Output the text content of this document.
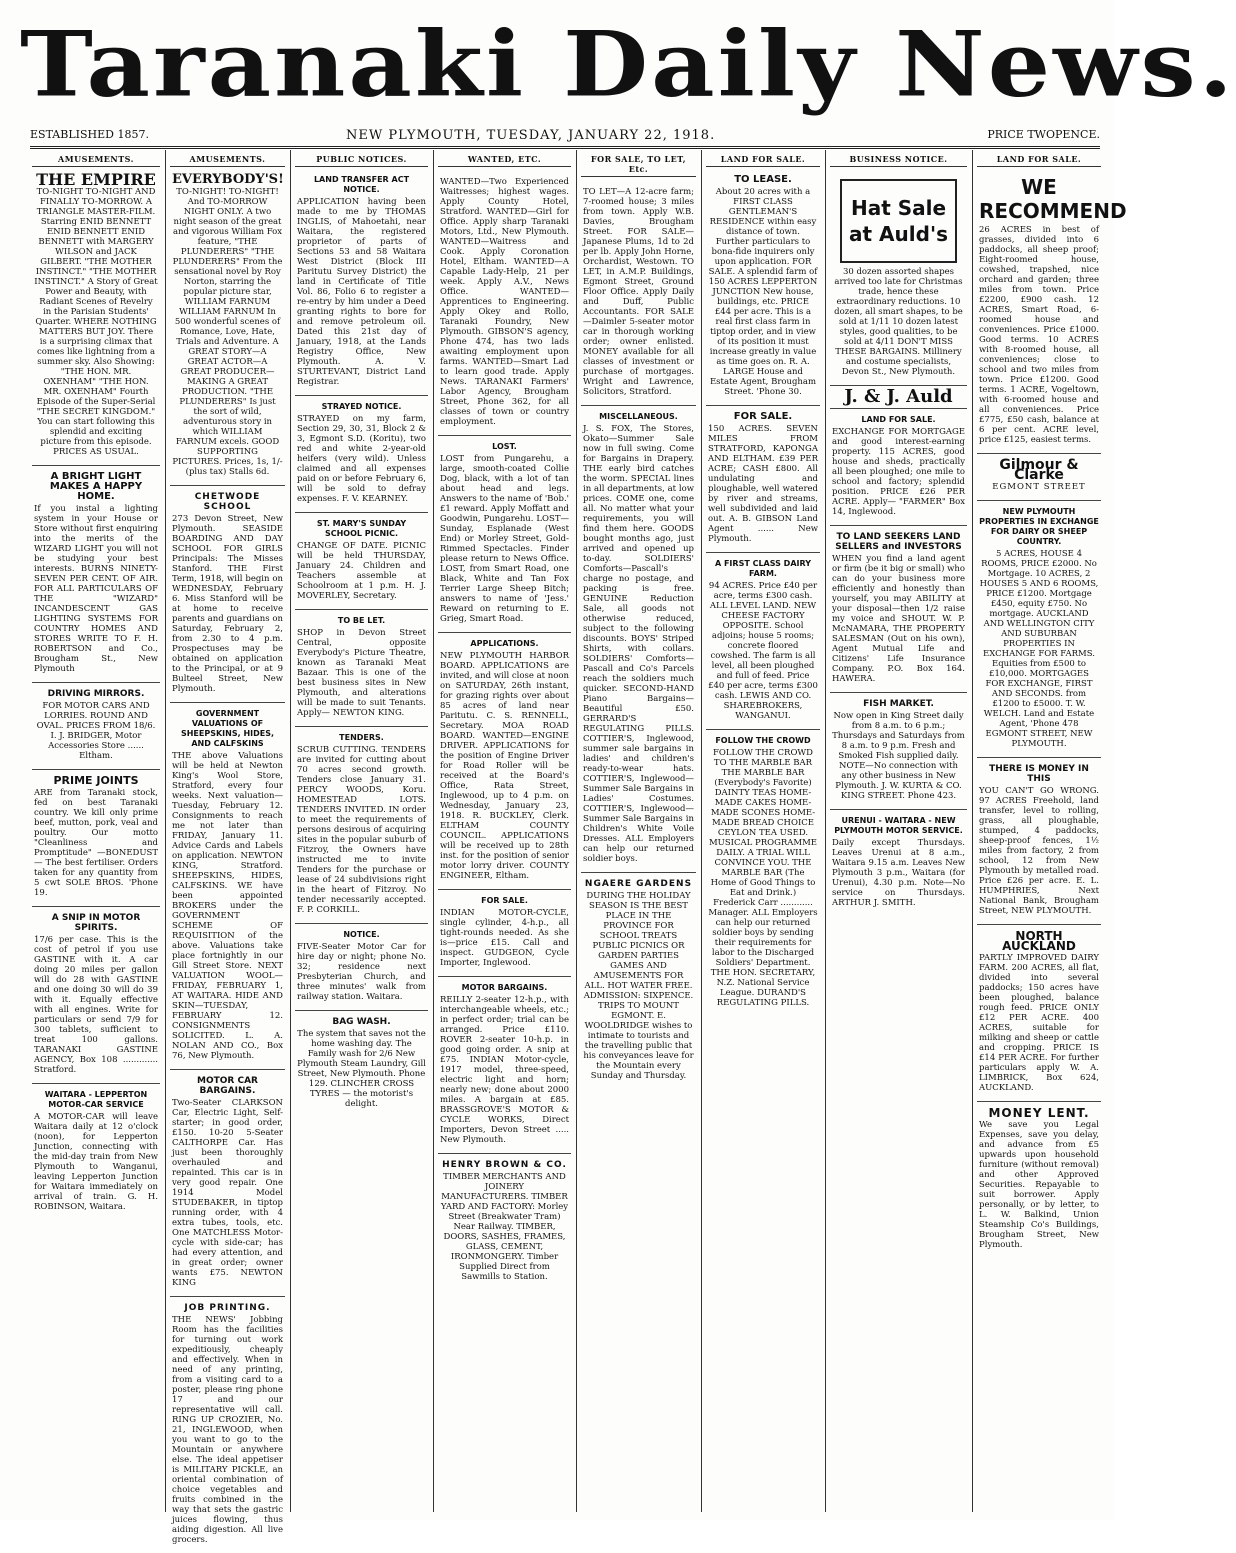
Taranaki Daily News.
ESTABLISHED 1857.	NEW PLYMOUTH, TUESDAY, JANUARY 22, 1918.	PRICE TWOPENCE.
AMUSEMENTS.
THE EMPIRE
TO-NIGHT TO-NIGHT AND FINALLY TO-MORROW. A TRIANGLE MASTER-FILM. Starring ENID BENNETT ENID BENNETT ENID BENNETT with MARGERY WILSON and JACK GILBERT. "THE MOTHER INSTINCT." "THE MOTHER INSTINCT." A Story of Great Power and Beauty, with Radiant Scenes of Revelry in the Parisian Students' Quarter. WHERE NOTHING MATTERS BUT JOY. There is a surprising climax that comes like lightning from a summer sky. Also Showing: "THE HON. MR. OXENHAM" "THE HON. MR. OXENHAM" Fourth Episode of the Super-Serial "THE SECRET KINGDOM." You can start following this splendid and exciting picture from this episode. PRICES AS USUAL.
A BRIGHT LIGHT MAKES A HAPPY HOME.
If you instal a lighting system in your House or Store without first enquiring into the merits of the WIZARD LIGHT you will not be studying your best interests. BURNS NINETY-SEVEN PER CENT. OF AIR. FOR ALL PARTICULARS OF THE "WIZARD" INCANDESCENT GAS LIGHTING SYSTEMS FOR COUNTRY HOMES AND STORES WRITE TO F. H. ROBERTSON and Co., Brougham St., New Plymouth
DRIVING MIRRORS.
FOR MOTOR CARS AND LORRIES. ROUND AND OVAL. PRICES FROM 18/6. I. J. BRIDGER, Motor Accessories Store ...... Eltham.
PRIME JOINTS
ARE from Taranaki stock, fed on best Taranaki country. We kill only prime beef, mutton, pork, veal and poultry. Our motto "Cleanliness and Promptitude" —BONEDUST— The best fertiliser. Orders taken for any quantity from 5 cwt SOLE BROS. 'Phone 19.
A SNIP IN MOTOR SPIRITS.
17/6 per case. This is the cost of petrol if you use GASTINE with it. A car doing 20 miles per gallon will do 28 with GASTINE and one doing 30 will do 39 with it. Equally effective with all engines. Write for particulars or send 7/9 for 300 tablets, sufficient to treat 100 gallons. TARANAKI GASTINE AGENCY, Box 108 ............. Stratford.
WAITARA - LEPPERTON MOTOR-CAR SERVICE
A MOTOR-CAR will leave Waitara daily at 12 o'clock (noon), for Lepperton Junction, connecting with the mid-day train from New Plymouth to Wanganui, leaving Lepperton Junction for Waitara immediately on arrival of train. G. H. ROBINSON, Waitara.
AMUSEMENTS.
EVERYBODY'S!
TO-NIGHT! TO-NIGHT! And TO-MORROW NIGHT ONLY. A two night season of the great and vigorous William Fox feature, "THE PLUNDERERS" "THE PLUNDERERS" From the sensational novel by Roy Norton, starring the popular picture star, WILLIAM FARNUM WILLIAM FARNUM In 500 wonderful scenes of Romance, Love, Hate, Trials and Adventure. A GREAT STORY—A GREAT ACTOR—A GREAT PRODUCER—MAKING A GREAT PRODUCTION. "THE PLUNDERERS" Is just the sort of wild, adventurous story in which WILLIAM FARNUM excels. GOOD SUPPORTING PICTURES. Prices, 1s, 1/- (plus tax) Stalls 6d.
CHETWODE SCHOOL
273 Devon Street, New Plymouth. SEASIDE BOARDING AND DAY SCHOOL FOR GIRLS Principals: The Misses Stanford. THE First Term, 1918, will begin on WEDNESDAY, February 6. Miss Stanford will be at home to receive parents and guardians on Saturday, February 2, from 2.30 to 4 p.m. Prospectuses may be obtained on application to the Principal, or at 9 Bulteel Street, New Plymouth.
GOVERNMENT VALUATIONS OF SHEEPSKINS, HIDES, AND CALFSKINS
THE above Valuations will be held at Newton King's Wool Store, Stratford, every four weeks. Next valuation—Tuesday, February 12. Consignments to reach me not later than FRIDAY, January 11. Advice Cards and Labels on application. NEWTON KING, Stratford. SHEEPSKINS, HIDES, CALFSKINS. WE have been appointed BROKERS under the GOVERNMENT SCHEME OF REQUISITION of the above. Valuations take place fortnightly in our Gill Street Store. NEXT VALUATION WOOL—FRIDAY, FEBRUARY 1, AT WAITARA. HIDE AND SKIN—TUESDAY, FEBRUARY 12. CONSIGNMENTS SOLICITED. L. A. NOLAN AND CO., Box 76, New Plymouth.
MOTOR CAR BARGAINS.
Two-Seater CLARKSON Car, Electric Light, Self-starter; in good order, £150. 10-20 5-Seater CALTHORPE Car. Has just been thoroughly overhauled and repainted. This car is in very good repair. One 1914 Model STUDEBAKER, in tiptop running order, with 4 extra tubes, tools, etc. One MATCHLESS Motor-cycle with side-car; has had every attention, and in great order; owner wants £75. NEWTON KING
JOB PRINTING.
THE NEWS' Jobbing Room has the facilities for turning out work expeditiously, cheaply and effectively. When in need of any printing, from a visiting card to a poster, please ring phone 17 and our representative will call. RING UP CROZIER, No. 21, INGLEWOOD, when you want to go to the Mountain or anywhere else. The ideal appetiser is MILITARY PICKLE, an oriental combination of choice vegetables and fruits combined in the way that sets the gastric juices flowing, thus aiding digestion. All live grocers.
PUBLIC NOTICES.
LAND TRANSFER ACT NOTICE.
APPLICATION having been made to me by THOMAS INGLIS, of Mahoetahi, near Waitara, the registered proprietor of parts of Sections 53 and 58 Waitara West District (Block III Paritutu Survey District) the land in Certificate of Title Vol. 86, Folio 6 to register a re-entry by him under a Deed granting rights to bore for and remove petroleum oil. Dated this 21st day of January, 1918, at the Lands Registry Office, New Plymouth. A. V. STURTEVANT, District Land Registrar.
STRAYED NOTICE.
STRAYED on my farm, Section 29, 30, 31, Block 2 & 3, Egmont S.D. (Koritu), two red and white 2-year-old heifers (very wild). Unless claimed and all expenses paid on or before February 6, will be sold to defray expenses. F. V. KEARNEY.
ST. MARY'S SUNDAY SCHOOL PICNIC.
CHANGE OF DATE. PICNIC will be held THURSDAY, January 24. Children and Teachers assemble at Schoolroom at 1 p.m. H. J. MOVERLEY, Secretary.
TO BE LET.
SHOP in Devon Street Central, opposite Everybody's Picture Theatre, known as Taranaki Meat Bazaar. This is one of the best business sites in New Plymouth, and alterations will be made to suit Tenants. Apply— NEWTON KING.
TENDERS.
SCRUB CUTTING. TENDERS are invited for cutting about 70 acres second growth. Tenders close January 31. PERCY WOODS, Koru. HOMESTEAD LOTS. TENDERS INVITED. IN order to meet the requirements of persons desirous of acquiring sites in the popular suburb of Fitzroy, the Owners have instructed me to invite Tenders for the purchase or lease of 24 subdivisions right in the heart of Fitzroy. No tender necessarily accepted. F. P. CORKILL.
NOTICE.
FIVE-Seater Motor Car for hire day or night; phone No. 32; residence next Presbyterian Church, and three minutes' walk from railway station. Waitara.
BAG WASH.
The system that saves not the home washing day. The Family wash for 2/6 New Plymouth Steam Laundry, Gill Street, New Plymouth. Phone 129. CLINCHER CROSS TYRES — the motorist's delight.
WANTED, ETC.
WANTED—Two Experienced Waitresses; highest wages. Apply County Hotel, Stratford. WANTED—Girl for Office. Apply sharp Taranaki Motors, Ltd., New Plymouth. WANTED—Waitress and Cook. Apply Coronation Hotel, Eltham. WANTED—A Capable Lady-Help, 21 per week. Apply A.V., News Office. WANTED—Apprentices to Engineering. Apply Okey and Rollo, Taranaki Foundry, New Plymouth. GIBSON'S agency, Phone 474, has two lads awaiting employment upon farms. WANTED—Smart Lad to learn good trade. Apply News. TARANAKI Farmers' Labor Agency, Brougham Street, Phone 362, for all classes of town or country employment.
LOST.
LOST from Pungarehu, a large, smooth-coated Collie Dog, black, with a lot of tan about head and legs. Answers to the name of 'Bob.' £1 reward. Apply Moffatt and Goodwin, Pungarehu. LOST—Sunday, Esplanade (West End) or Morley Street, Gold-Rimmed Spectacles. Finder please return to News Office. LOST, from Smart Road, one Black, White and Tan Fox Terrier Large Sheep Bitch; answers to name of 'Jess.' Reward on returning to E. Grieg, Smart Road.
APPLICATIONS.
NEW PLYMOUTH HARBOR BOARD. APPLICATIONS are invited, and will close at noon on SATURDAY, 26th instant, for grazing rights over about 85 acres of land near Paritutu. C. S. RENNELL, Secretary. MOA ROAD BOARD. WANTED—ENGINE DRIVER. APPLICATIONS for the position of Engine Driver for Road Roller will be received at the Board's Office, Rata Street, Inglewood, up to 4 p.m. on Wednesday, January 23, 1918. R. BUCKLEY, Clerk. ELTHAM COUNTY COUNCIL. APPLICATIONS will be received up to 28th inst. for the position of senior motor lorry driver. COUNTY ENGINEER, Eltham.
FOR SALE.
INDIAN MOTOR-CYCLE, single cylinder, 4-h.p., all tight-rounds needed. As she is—price £15. Call and inspect. GUDGEON, Cycle Importer, Inglewood.
MOTOR BARGAINS.
REILLY 2-seater 12-h.p., with interchangeable wheels, etc.; in perfect order; trial can be arranged. Price £110. ROVER 2-seater 10-h.p. in good going order. A snip at £75. INDIAN Motor-cycle, 1917 model, three-speed, electric light and horn; nearly new; done about 2000 miles. A bargain at £85. BRASSGROVE'S MOTOR & CYCLE WORKS, Direct Importers, Devon Street ..... New Plymouth.
HENRY BROWN & CO.
TIMBER MERCHANTS AND JOINERY MANUFACTURERS. TIMBER YARD AND FACTORY: Morley Street (Breakwater Tram) Near Railway. TIMBER, DOORS, SASHES, FRAMES, GLASS, CEMENT, IRONMONGERY. Timber Supplied Direct from Sawmills to Station.
FOR SALE, TO LET, Etc.
TO LET—A 12-acre farm; 7-roomed house; 3 miles from town. Apply W.B. Davies, Brougham Street. FOR SALE—Japanese Plums, 1d to 2d per lb. Apply John Horne, Orchardist, Westown. TO LET, in A.M.P. Buildings, Egmont Street, Ground Floor Office. Apply Daily and Duff, Public Accountants. FOR SALE—Daimler 5-seater motor car in thorough working order; owner enlisted. MONEY available for all classes of investment or purchase of mortgages. Wright and Lawrence, Solicitors, Stratford.
MISCELLANEOUS.
J. S. FOX, The Stores, Okato—Summer Sale now in full swing. Come for Bargains in Drapery. THE early bird catches the worm. SPECIAL lines in all departments, at low prices. COME one, come all. No matter what your requirements, you will find them here. GOODS bought months ago, just arrived and opened up to-day. SOLDIERS' Comforts—Pascall's charge no postage, and packing is free. GENUINE Reduction Sale, all goods not otherwise reduced, subject to the following discounts. BOYS' Striped Shirts, with collars. SOLDIERS' Comforts—Pascall and Co's Parcels reach the soldiers much quicker. SECOND-HAND Piano Bargains—Beautiful £50. GERRARD'S REGULATING PILLS. COTTIER'S, Inglewood, summer sale bargains in ladies' and children's ready-to-wear hats. COTTIER'S, Inglewood—Summer Sale Bargains in Ladies' Costumes. COTTIER'S, Inglewood—Summer Sale Bargains in Children's White Voile Dresses. ALL Employers can help our returned soldier boys.
NGAERE GARDENS
DURING THE HOLIDAY SEASON IS THE BEST PLACE IN THE PROVINCE FOR SCHOOL TREATS PUBLIC PICNICS OR GARDEN PARTIES GAMES AND AMUSEMENTS FOR ALL. HOT WATER FREE. ADMISSION: SIXPENCE. TRIPS TO MOUNT EGMONT. E. WOOLDRIDGE wishes to intimate to tourists and the travelling public that his conveyances leave for the Mountain every Sunday and Thursday.
LAND FOR SALE.
TO LEASE.
About 20 acres with a FIRST CLASS GENTLEMAN'S RESIDENCE within easy distance of town. Further particulars to bona-fide inquirers only upon application. FOR SALE. A splendid farm of 150 ACRES LEPPERTON JUNCTION New house, buildings, etc. PRICE £44 per acre. This is a real first class farm in tiptop order, and in view of its position it must increase greatly in value as time goes on. R. A. LARGE House and Estate Agent, Brougham Street. 'Phone 30.
FOR SALE.
150 ACRES. SEVEN MILES FROM STRATFORD, KAPONGA AND ELTHAM. £39 PER ACRE; CASH £800. All undulating and ploughable, well watered by river and streams, well subdivided and laid out. A. B. GIBSON Land Agent ...... New Plymouth.
A FIRST CLASS DAIRY FARM.
94 ACRES. Price £40 per acre, terms £300 cash. ALL LEVEL LAND. NEW CHEESE FACTORY OPPOSITE. School adjoins; house 5 rooms; concrete floored cowshed. The farm is all level, all been ploughed and full of feed. Price £40 per acre, terms £300 cash. LEWIS AND CO. SHAREBROKERS, WANGANUI.
FOLLOW THE CROWD
FOLLOW THE CROWD TO THE MARBLE BAR THE MARBLE BAR (Everybody's Favorite) DAINTY TEAS HOME-MADE CAKES HOME-MADE SCONES HOME-MADE BREAD CHOICE CEYLON TEA USED. MUSICAL PROGRAMME DAILY. A TRIAL WILL CONVINCE YOU. THE MARBLE BAR (The Home of Good Things to Eat and Drink.) Frederick Carr ............ Manager. ALL Employers can help our returned soldier boys by sending their requirements for labor to the Discharged Soldiers' Department. THE HON. SECRETARY, N.Z. National Service League. DURAND'S REGULATING PILLS.
BUSINESS NOTICE.
Hat Sale at Auld's
30 dozen assorted shapes arrived too late for Christmas trade, hence these extraordinary reductions. 10 dozen, all smart shapes, to be sold at 1/11 10 dozen latest styles, good qualities, to be sold at 4/11 DON'T MISS THESE BARGAINS. Millinery and costume specialists, Devon St., New Plymouth.
J. & J. Auld
LAND FOR SALE.
EXCHANGE FOR MORTGAGE and good interest-earning property. 115 ACRES, good house and sheds, practically all been ploughed; one mile to school and factory; splendid position. PRICE £26 PER ACRE. Apply— "FARMER" Box 14, Inglewood.
TO LAND SEEKERS LAND SELLERS and INVESTORS
WHEN you find a land agent or firm (be it big or small) who can do your business more efficiently and honestly than yourself, you may ABILITY at your disposal—then 1/2 raise my voice and SHOUT. W. P. McNAMARA, THE PROPERTY SALESMAN (Out on his own), Agent Mutual Life and Citizens' Life Insurance Company. P.O. Box 164. HAWERA.
FISH MARKET.
Now open in King Street daily from 8 a.m. to 6 p.m.; Thursdays and Saturdays from 8 a.m. to 9 p.m. Fresh and Smoked Fish supplied daily. NOTE—No connection with any other business in New Plymouth. J. W. KURTA & CO. KING STREET. Phone 423.
URENUI - WAITARA - NEW PLYMOUTH MOTOR SERVICE.
Daily except Thursdays. Leaves Urenui at 8 a.m., Waitara 9.15 a.m. Leaves New Plymouth 3 p.m., Waitara (for Urenui), 4.30 p.m. Note—No service on Thursdays. ARTHUR J. SMITH.
LAND FOR SALE.
WE RECOMMEND
26 ACRES in best of grasses, divided into 6 paddocks, all sheep proof; Eight-roomed house, cowshed, trapshed, nice orchard and garden; three miles from town. Price £2200, £900 cash. 12 ACRES, Smart Road, 6-roomed house and conveniences. Price £1000. Good terms. 10 ACRES with 8-roomed house, all conveniences; close to school and two miles from town. Price £1200. Good terms. 1 ACRE, Vogeltown, with 6-roomed house and all conveniences. Price £775, £50 cash, balance at 6 per cent. ACRE level, price £125, easiest terms.
Gilmour & Clarke
EGMONT STREET
NEW PLYMOUTH PROPERTIES IN EXCHANGE FOR DAIRY OR SHEEP COUNTRY.
5 ACRES, HOUSE 4 ROOMS, PRICE £2000. No Mortgage. 10 ACRES, 2 HOUSES 5 AND 6 ROOMS, PRICE £1200. Mortgage £450, equity £750. No mortgage. AUCKLAND AND WELLINGTON CITY AND SUBURBAN PROPERTIES IN EXCHANGE FOR FARMS. Equities from £500 to £10,000. MORTGAGES FOR EXCHANGE, FIRST AND SECONDS. from £1200 to £5000. T. W. WELCH. Land and Estate Agent, 'Phone 478 EGMONT STREET, NEW PLYMOUTH.
THERE IS MONEY IN THIS
YOU CAN'T GO WRONG. 97 ACRES Freehold, land transfer, level to rolling, grass, all ploughable, stumped, 4 paddocks, sheep-proof fences, 1½ miles from factory, 2 from school, 12 from New Plymouth by metalled road. Price £26 per acre. E. L. HUMPHRIES, Next National Bank, Brougham Street, NEW PLYMOUTH.
NORTH AUCKLAND
PARTLY IMPROVED DAIRY FARM. 200 ACRES, all flat, divided into several paddocks; 150 acres have been ploughed, balance rough feed. PRICE ONLY £12 PER ACRE. 400 ACRES, suitable for milking and sheep or cattle and cropping. PRICE IS £14 PER ACRE. For further particulars apply W. A. LIMBRICK, Box 624, AUCKLAND.
MONEY LENT.
We save you Legal Expenses, save you delay, and advance from £5 upwards upon household furniture (without removal) and other Approved Securities. Repayable to suit borrower. Apply personally, or by letter, to L. W. Balkind, Union Steamship Co's Buildings, Brougham Street, New Plymouth.
